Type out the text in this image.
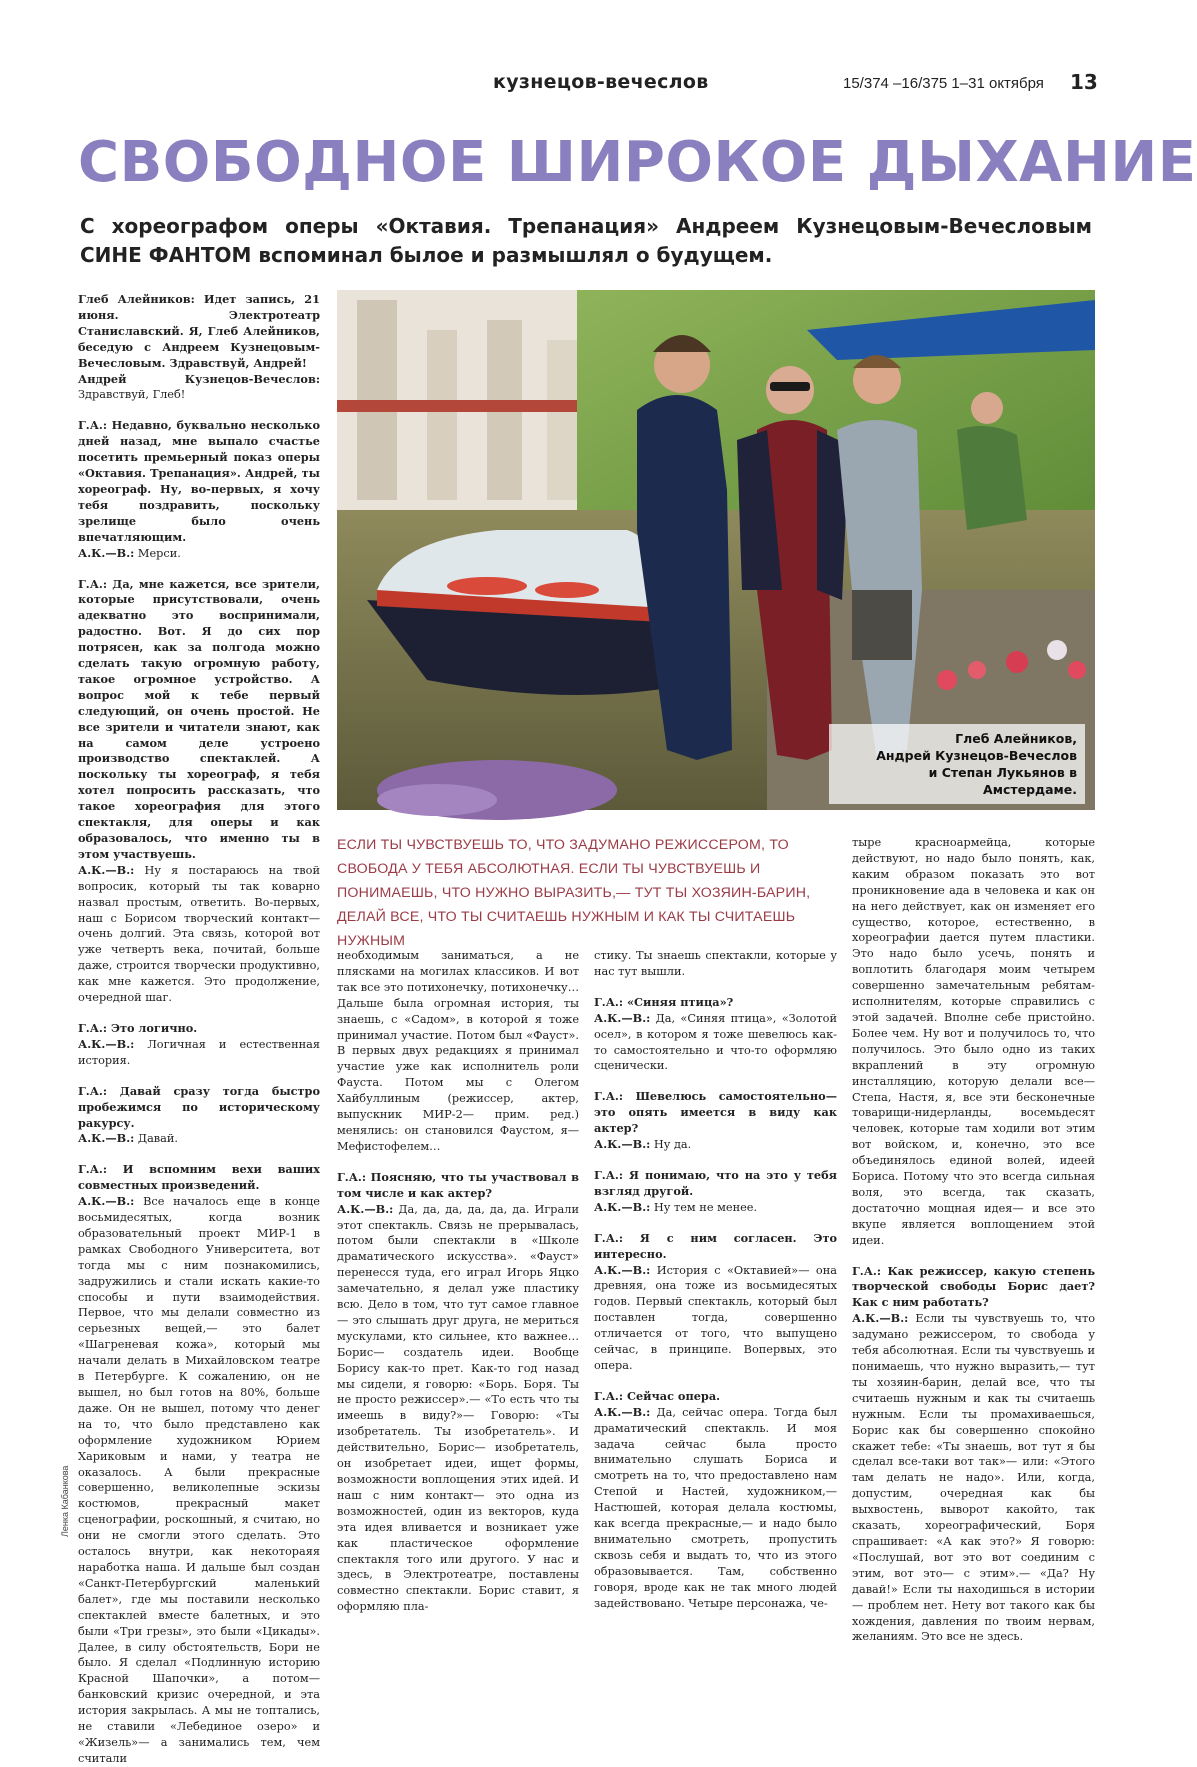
кузнецов-вечеслов	15/374 –16/375 1–31 октября 13
СВОБОДНОЕ ШИРОКОЕ ДЫХАНИЕ
С хореографом оперы «Октавия. Трепанация» Андреем Кузнецовым-Вечесловым СИНЕ ФАНТОМ вспоминал былое и размышлял о будущем.
Глеб Алейников,
Андрей Кузнецов-Вечеслов
и Степан Лукьянов в Амстердаме.
Ленка Кабанкова
ЕСЛИ ТЫ ЧУВСТВУЕШЬ ТО, ЧТО ЗАДУМАНО РЕЖИССЕРОМ, ТО СВОБОДА У ТЕБЯ АБСОЛЮТНАЯ. ЕСЛИ ТЫ ЧУВСТВУЕШЬ И ПОНИМАЕШЬ, ЧТО НУЖНО ВЫРАЗИТЬ,— ТУТ ТЫ ХОЗЯИН-БАРИН, ДЕЛАЙ ВСЕ, ЧТО ТЫ СЧИТАЕШЬ НУЖНЫМ И КАК ТЫ СЧИТАЕШЬ НУЖНЫМ

Глеб Алейников: Идет запись, 21 июня. Электротеатр Станиславский. Я, Глеб Алейников, беседую с Андреем Кузнецовым-Вечесловым. Здравствуй, Андрей!
Андрей Кузнецов-Вечеслов: Здравствуй, Глеб!

Г.А.: Недавно, буквально несколько дней назад, мне выпало счастье посетить премьерный показ оперы «Октавия. Трепанация». Андрей, ты хореограф. Ну, во-первых, я хочу тебя поздравить, поскольку зрелище было очень впечатляющим.
А.К.—В.: Мерси.

Г.А.: Да, мне кажется, все зрители, которые присутствовали, очень адекватно это воспринимали, радостно. Вот. Я до сих пор потрясен, как за полгода можно сделать такую огромную работу, такое огромное устройство. А вопрос мой к тебе первый следующий, он очень простой. Не все зрители и читатели знают, как на самом деле устроено производство спектаклей. А поскольку ты хореограф, я тебя хотел попросить рассказать, что такое хореография для этого спектакля, для оперы и как образовалось, что именно ты в этом участвуешь.
А.К.—В.: Ну я постараюсь на твой вопросик, который ты так коварно назвал простым, ответить. Во-первых, наш с Борисом творческий контакт— очень долгий. Эта связь, которой вот уже четверть века, почитай, больше даже, строится творчески продуктивно, как мне кажется. Это продолжение, очередной шаг.

Г.А.: Это логично.
А.К.—В.: Логичная и естественная история.

Г.А.: Давай сразу тогда быстро пробежимся по историческому ракурсу.
А.К.—В.: Давай.

Г.А.: И вспомним вехи ваших совместных произведений.
А.К.—В.: Все началось еще в конце восьмидесятых, когда возник образовательный проект МИР-1 в рамках Свободного Университета, вот тогда мы с ним познакомились, задружились и стали искать какие-то способы и пути взаимодействия. Первое, что мы делали совместно из серьезных вещей,— это балет «Шагреневая кожа», который мы начали делать в Михайловском театре в Петербурге. К сожалению, он не вышел, но был готов на 80%, больше даже. Он не вышел, потому что денег на то, что было представлено как оформление художником Юрием Хариковым и нами, у театра не оказалось. А были прекрасные совершенно, великолепные эскизы костюмов, прекрасный макет сценографии, роскошный, я считаю, но они не смогли этого сделать. Это осталось внутри, как некотораяя наработка наша. И дальше был создан «Санкт-Петербургский маленький балет», где мы поставили несколько спектаклей вместе балетных, и это были «Три грезы», это были «Цикады». Далее, в силу обстоятельств, Бори не было. Я сделал «Подлинную историю Красной Шапочки», а потом— банковский кризис очередной, и эта история закрылась. А мы не топтались, не ставили «Лебединое озеро» и «Жизель»— а занимались тем, чем считали

необходимым заниматься, а не плясками на могилах классиков. И вот так все это потихонечку, потихонечку… Дальше была огромная история, ты знаешь, с «Садом», в которой я тоже принимал участие. Потом был «Фауст». В первых двух редакциях я принимал участие уже как исполнитель роли Фауста. Потом мы с Олегом Хайбуллиным (режиссер, актер, выпускник МИР-2— прим. ред.) менялись: он становился Фаустом, я— Мефистофелем…

Г.А.: Поясняю, что ты участвовал в том числе и как актер?
А.К.—В.: Да, да, да, да, да, да. Играли этот спектакль. Связь не прерывалась, потом были спектакли в «Школе драматического искусства». «Фауст» перенесся туда, его играл Игорь Яцко замечательно, я делал уже пластику всю. Дело в том, что тут самое главное— это слышать друг друга, не мериться мускулами, кто сильнее, кто важнее… Борис— создатель идеи. Вообще Борису как-то прет. Как-то год назад мы сидели, я говорю: «Борь. Боря. Ты не просто режиссер».— «То есть что ты имеешь в виду?»— Говорю: «Ты изобретатель. Ты изобретатель». И действительно, Борис— изобретатель, он изобретает идеи, ищет формы, возможности воплощения этих идей. И наш с ним контакт— это одна из возможностей, один из векторов, куда эта идея вливается и возникает уже как пластическое оформление спектакля того или другого. У нас и здесь, в Электротеатре, поставлены совместно спектакли. Борис ставит, я оформляю пла-

стику. Ты знаешь спектакли, которые у нас тут вышли.

Г.А.: «Синяя птица»?
А.К.—В.: Да, «Синяя птица», «Золотой осел», в котором я тоже шевелюсь как-то самостоятельно и что-то оформляю сценически.

Г.А.: Шевелюсь самостоятельно— это опять имеется в виду как актер?
А.К.—В.: Ну да.

Г.А.: Я понимаю, что на это у тебя взгляд другой.
А.К.—В.: Ну тем не менее.

Г.А.: Я с ним согласен. Это интересно.
А.К.—В.: История с «Октавией»— она древняя, она тоже из восьмидесятых годов. Первый спектакль, который был поставлен тогда, совершенно отличается от того, что выпущено сейчас, в принципе. Вопервых, это опера.

Г.А.: Сейчас опера.
А.К.—В.: Да, сейчас опера. Тогда был драматический спектакль. И моя задача сейчас была просто внимательно слушать Бориса и смотреть на то, что предоставлено нам Степой и Настей, художником,— Настюшей, которая делала костюмы, как всегда прекрасные,— и надо было внимательно смотреть, пропустить сквозь себя и выдать то, что из этого образовывается. Там, собственно говоря, вроде как не так много людей задействовано. Четыре персонажа, че-

тыре красноармейца, которые действуют, но надо было понять, как, каким образом показать это вот проникновение ада в человека и как он на него действует, как он изменяет его существо, которое, естественно, в хореографии дается путем пластики. Это надо было усечь, понять и воплотить благодаря моим четырем совершенно замечательным ребятам-исполнителям, которые справились с этой задачей. Вполне себе пристойно. Более чем. Ну вот и получилось то, что получилось. Это было одно из таких вкраплений в эту огромную инсталляцию, которую делали все— Степа, Настя, я, все эти бесконечные товарищи-нидерланды, восемьдесят человек, которые там ходили вот этим вот войском, и, конечно, это все объединялось единой волей, идеей Бориса. Потому что это всегда сильная воля, это всегда, так сказать, достаточно мощная идея— и все это вкупе является воплощением этой идеи.

Г.А.: Как режиссер, какую степень творческой свободы Борис дает? Как с ним работать?
А.К.—В.: Если ты чувствуешь то, что задумано режиссером, то свобода у тебя абсолютная. Если ты чувствуешь и понимаешь, что нужно выразить,— тут ты хозяин-барин, делай все, что ты считаешь нужным и как ты считаешь нужным. Если ты промахиваешься, Борис как бы совершенно спокойно скажет тебе: «Ты знаешь, вот тут я бы сделал все-таки вот так»— или: «Этого там делать не надо». Или, когда, допустим, очередная как бы выхвостень, выворот какойто, так сказать, хореографический, Боря спрашивает: «А как это?» Я говорю: «Послушай, вот это вот соединим с этим, вот это— с этим».— «Да? Ну давай!» Если ты находишься в истории— проблем нет. Нету вот такого как бы хождения, давления по твоим нервам, желаниям. Это все не здесь.
